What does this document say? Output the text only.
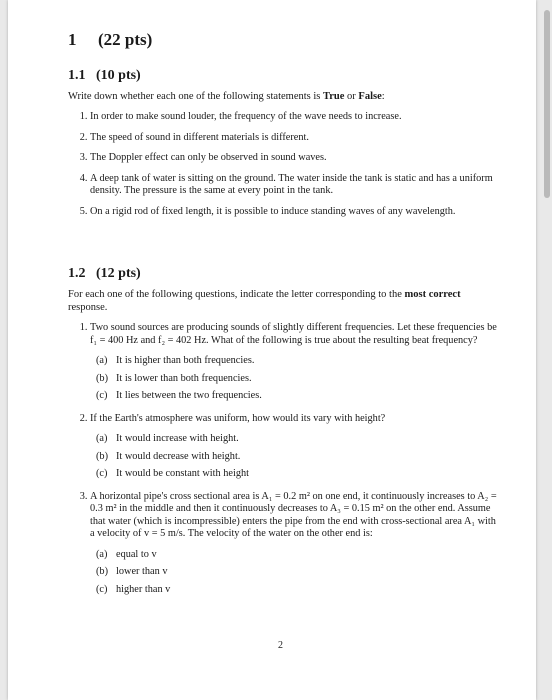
1 (22 pts)
1.1 (10 pts)

Write down whether each one of the following statements is True or False:

1. In order to make sound louder, the frequency of the wave needs to increase.
2. The speed of sound in different materials is different.
3. The Doppler effect can only be observed in sound waves.
4. A deep tank of water is sitting on the ground. The water inside the tank is static and has a uniform density. The pressure is the same at every point in the tank.
5. On a rigid rod of fixed length, it is possible to induce standing waves of any wavelength.
1.2 (12 pts)

For each one of the following questions, indicate the letter corresponding to the most correct response.

1. Two sound sources are producing sounds of slightly different frequencies. Let these frequencies be f₁ = 400 Hz and f₂ = 402 Hz. What of the following is true about the resulting beat frequency?
(a) It is higher than both frequencies.
(b) It is lower than both frequencies.
(c) It lies between the two frequencies.
2. If the Earth's atmosphere was uniform, how would its vary with height?
(a) It would increase with height.
(b) It would decrease with height.
(c) It would be constant with height
3. A horizontal pipe's cross sectional area is A₁ = 0.2 m² on one end, it continuously increases to A₂ = 0.3 m² in the middle and then it continuously decreases to A₃ = 0.15 m² on the other end. Assume that water (which is incompressible) enters the pipe from the end with cross-sectional area A₁ with a velocity of v = 5 m/s. The velocity of the water on the other end is:
(a) equal to v
(b) lower than v
(c) higher than v
2
